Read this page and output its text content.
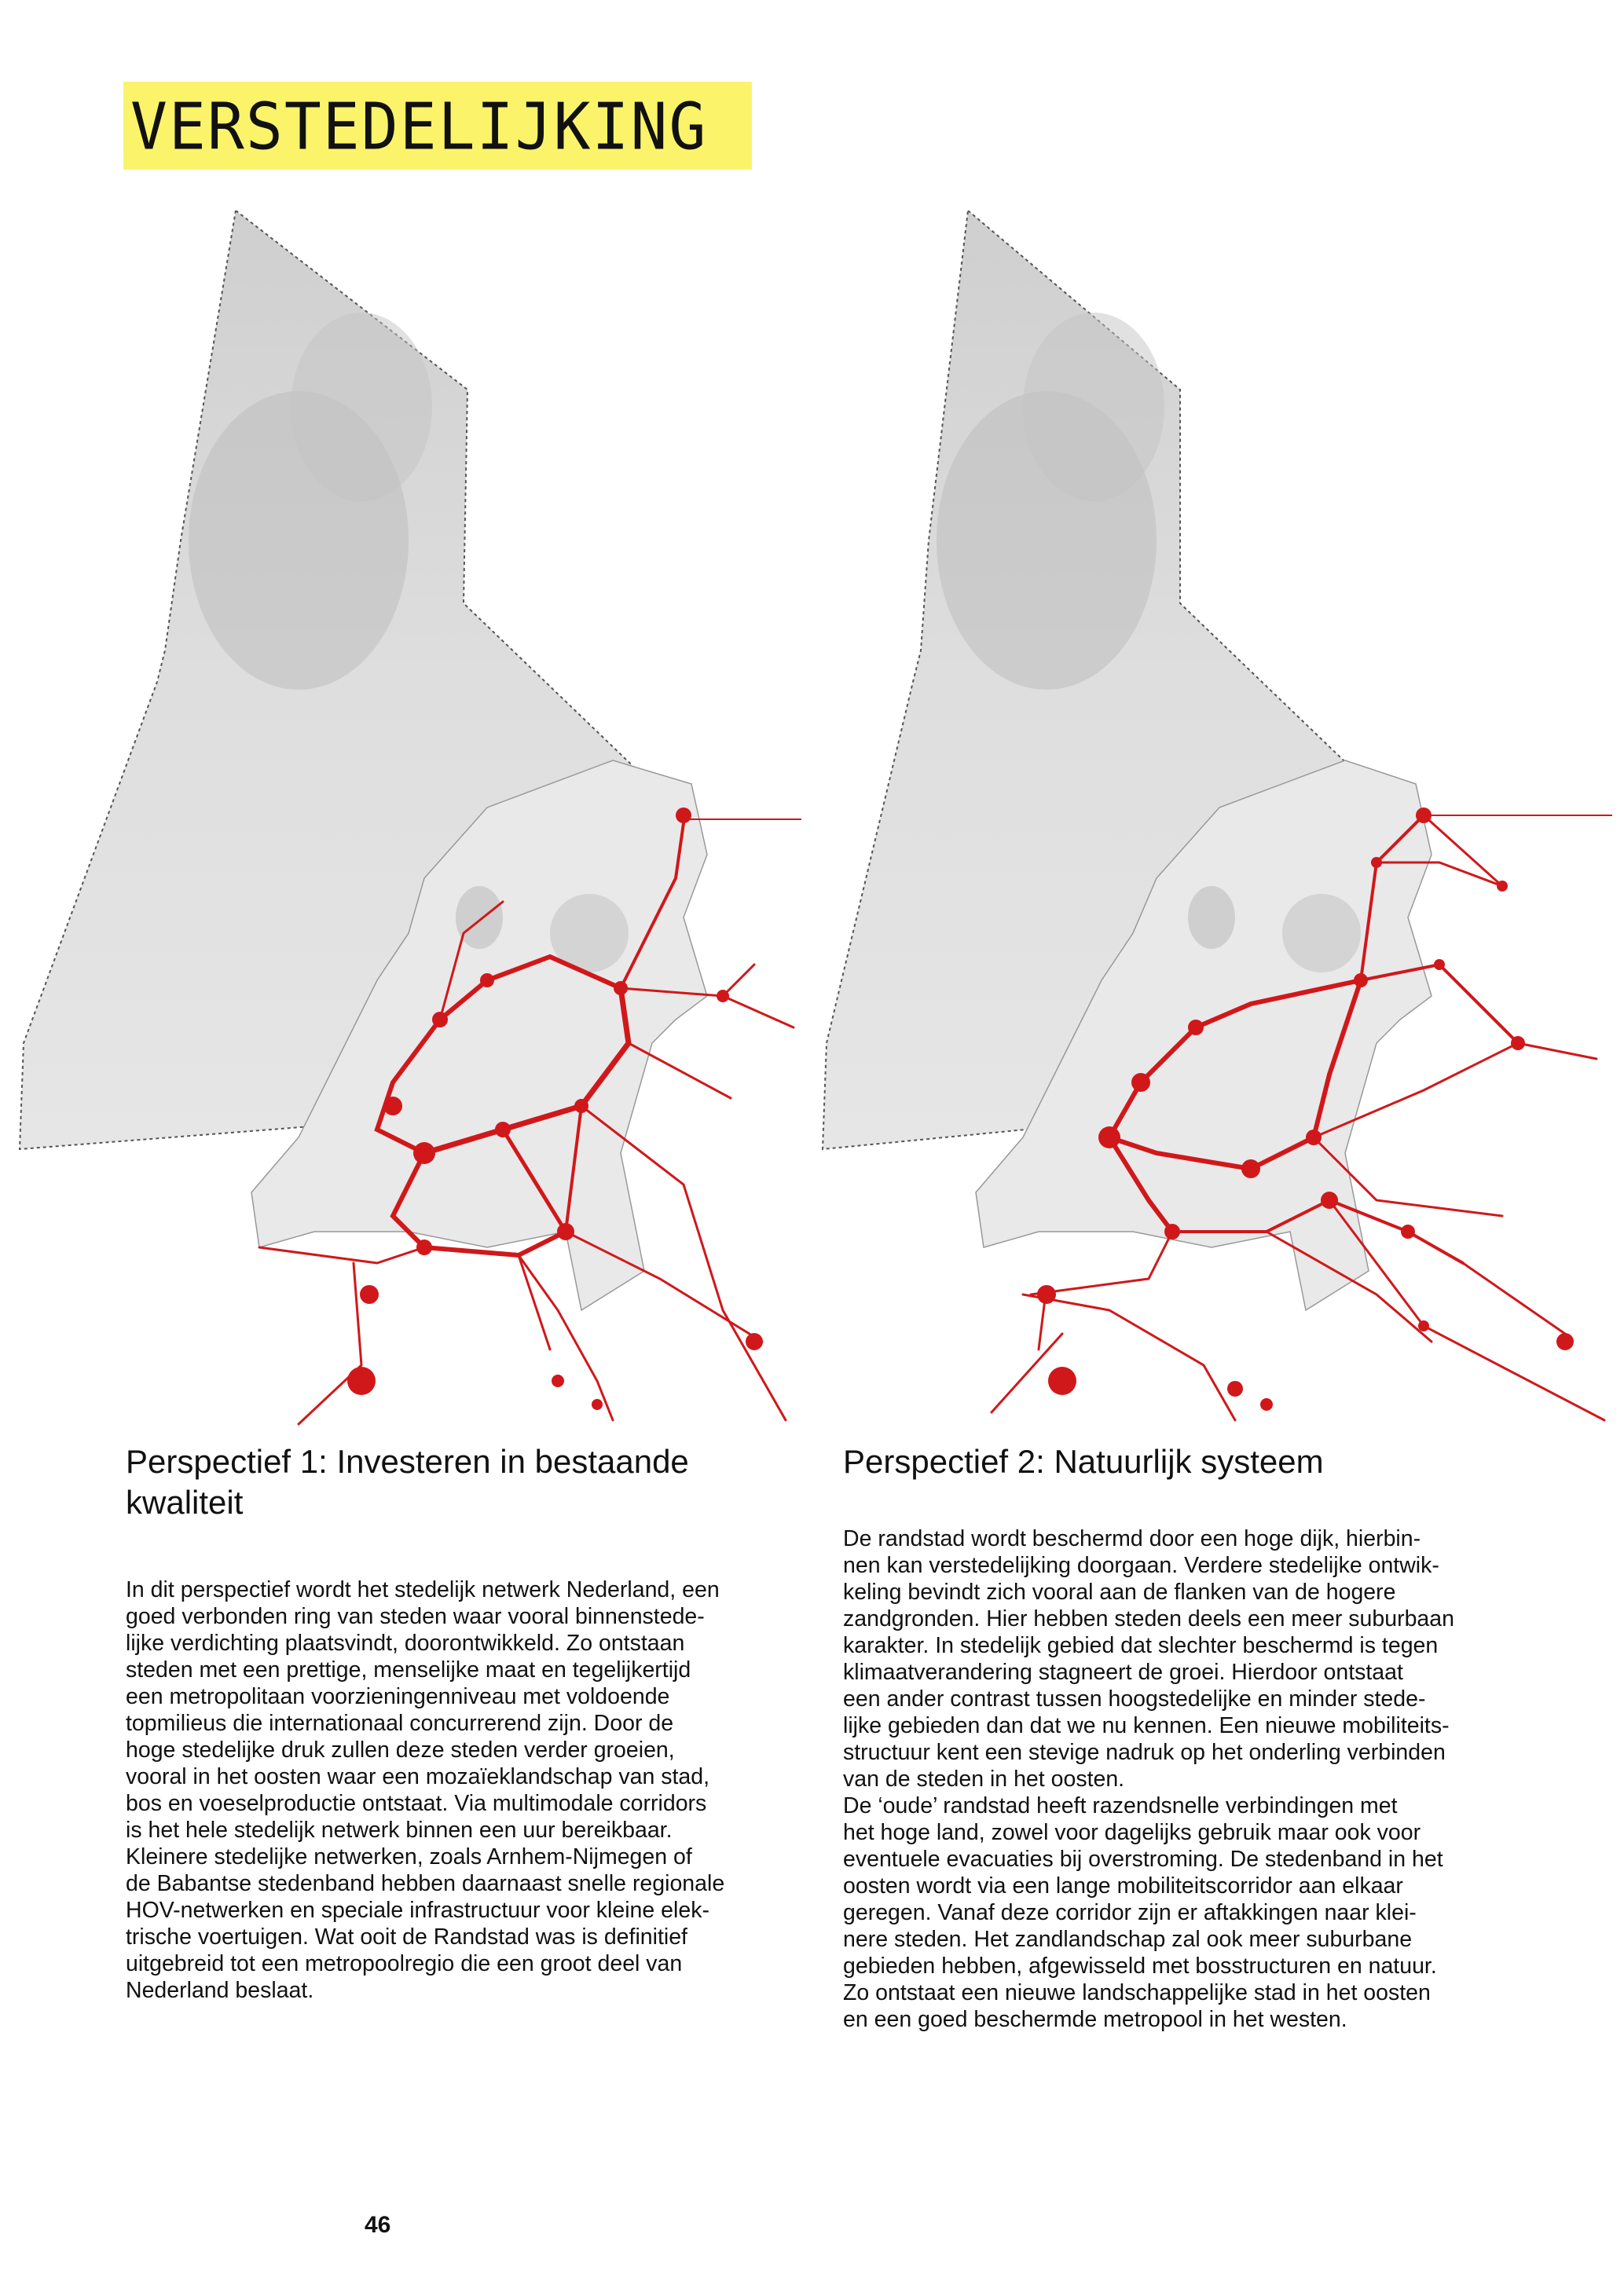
VERSTEDELIJKING
Perspectief 1: Investeren in bestaande
kwaliteit

In dit perspectief wordt het stedelijk netwerk Nederland, een
goed verbonden ring van steden waar vooral binnenstede-
lijke verdichting plaatsvindt, doorontwikkeld. Zo ontstaan
steden met een prettige, menselijke maat en tegelijkertijd
een metropolitaan voorzieningenniveau met voldoende
topmilieus die internationaal concurrerend zijn. Door de
hoge stedelijke druk zullen deze steden verder groeien,
vooral in het oosten waar een mozaïeklandschap van stad,
bos en voeselproductie ontstaat. Via multimodale corridors
is het hele stedelijk netwerk binnen een uur bereikbaar.
Kleinere stedelijke netwerken, zoals Arnhem-Nijmegen of
de Babantse stedenband hebben daarnaast snelle regionale
HOV-netwerken en speciale infrastructuur voor kleine elek-
trische voertuigen. Wat ooit de Randstad was is definitief
uitgebreid tot een metropoolregio die een groot deel van
Nederland beslaat.

Perspectief 2: Natuurlijk systeem

De randstad wordt beschermd door een hoge dijk, hierbin-
nen kan verstedelijking doorgaan. Verdere stedelijke ontwik-
keling bevindt zich vooral aan de flanken van de hogere
zandgronden. Hier hebben steden deels een meer suburbaan
karakter. In stedelijk gebied dat slechter beschermd is tegen
klimaatverandering stagneert de groei. Hierdoor ontstaat
een ander contrast tussen hoogstedelijke en minder stede-
lijke gebieden dan dat we nu kennen. Een nieuwe mobiliteits-
structuur kent een stevige nadruk op het onderling verbinden
van de steden in het oosten.
De ‘oude’ randstad heeft razendsnelle verbindingen met
het hoge land, zowel voor dagelijks gebruik maar ook voor
eventuele evacuaties bij overstroming. De stedenband in het
oosten wordt via een lange mobiliteitscorridor aan elkaar
geregen. Vanaf deze corridor zijn er aftakkingen naar klei-
nere steden. Het zandlandschap zal ook meer suburbane
gebieden hebben, afgewisseld met bosstructuren en natuur.
Zo ontstaat een nieuwe landschappelijke stad in het oosten
en een goed beschermde metropool in het westen.

46
